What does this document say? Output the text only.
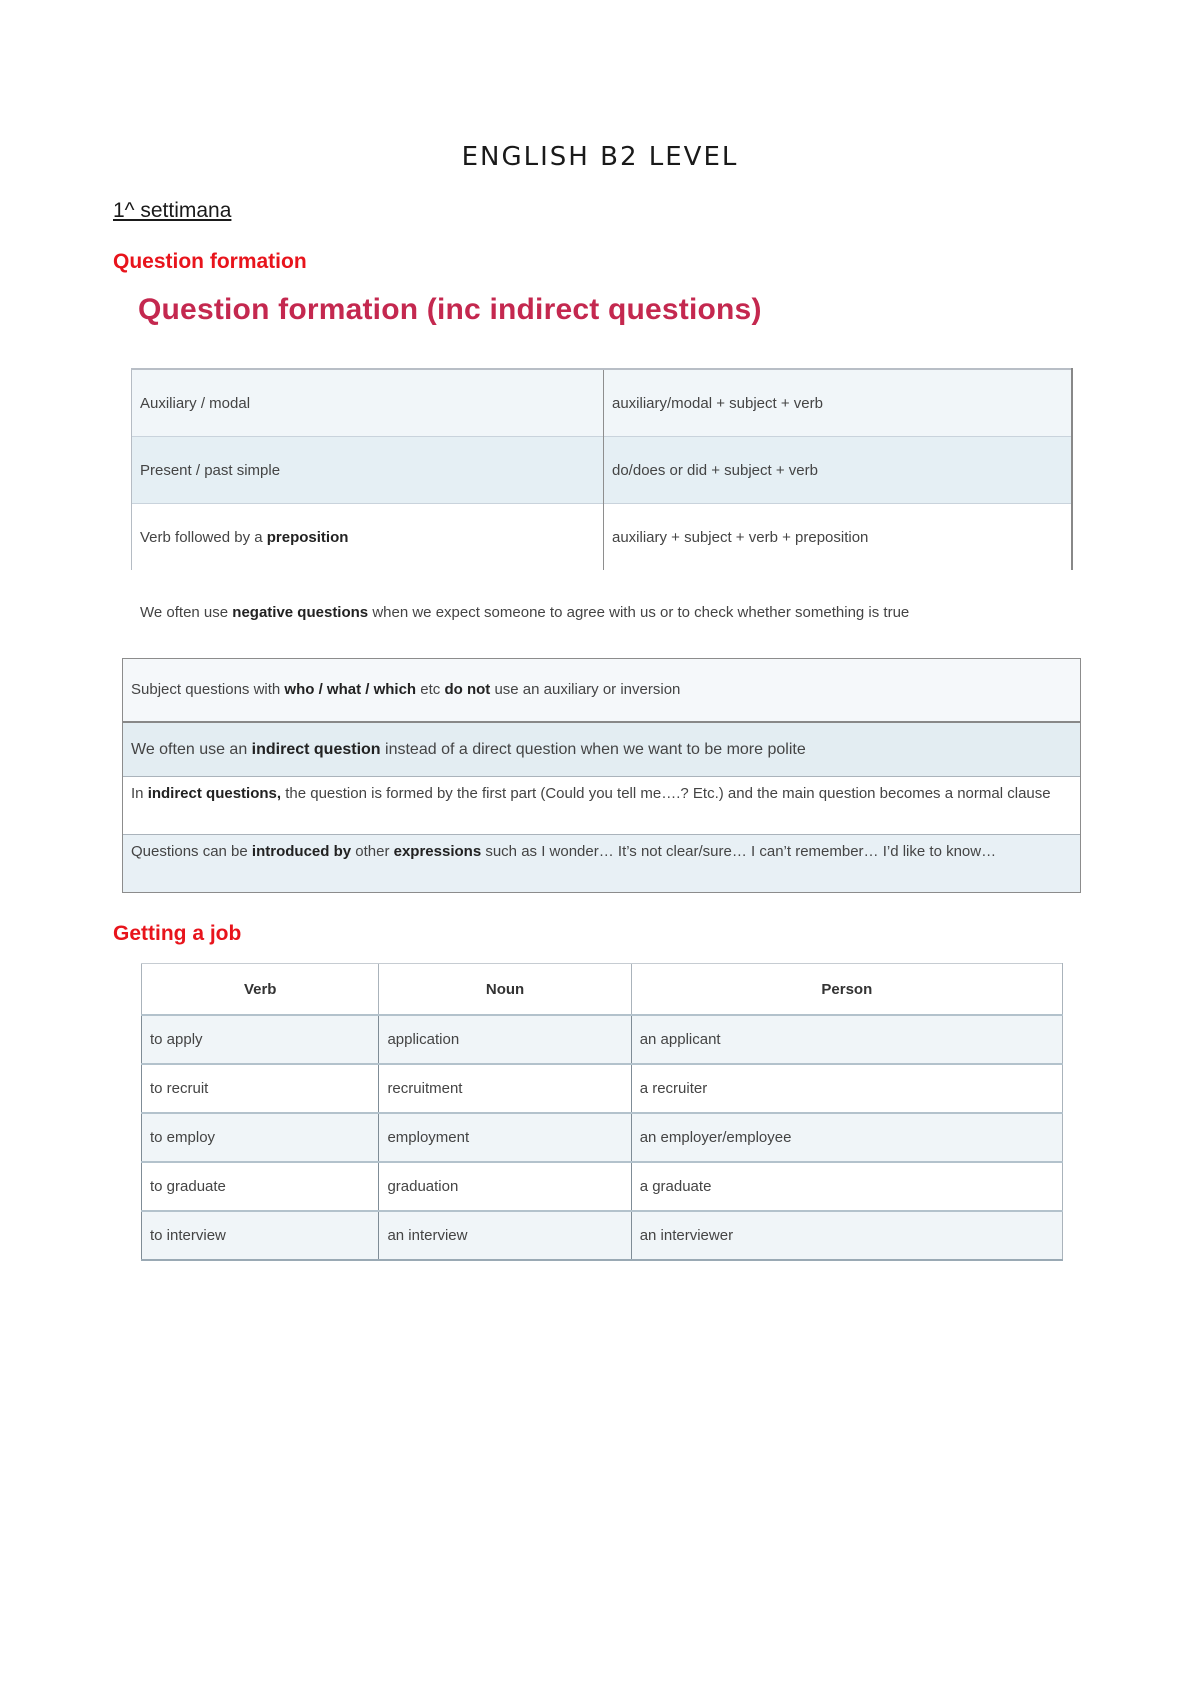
ENGLISH B2 LEVEL
1^ settimana
Question formation
Question formation (inc indirect questions)
Auxiliary / modal	auxiliary/modal + subject + verb
Present / past simple	do/does or did + subject + verb
Verb followed by a preposition	auxiliary + subject + verb + preposition
We often use negative questions when we expect someone to agree with us or to check whether something is true
Subject questions with who / what / which etc do not use an auxiliary or inversion
We often use an indirect question instead of a direct question when we want to be more polite
In indirect questions, the question is formed by the first part (Could you tell me….? Etc.) and the main question becomes a normal clause
Questions can be introduced by other expressions such as I wonder… It’s not clear/sure… I can’t remember… I’d like to know…
Getting a job
Verb	Noun	Person
to apply	application	an applicant
to recruit	recruitment	a recruiter
to employ	employment	an employer/employee
to graduate	graduation	a graduate
to interview	an interview	an interviewer
